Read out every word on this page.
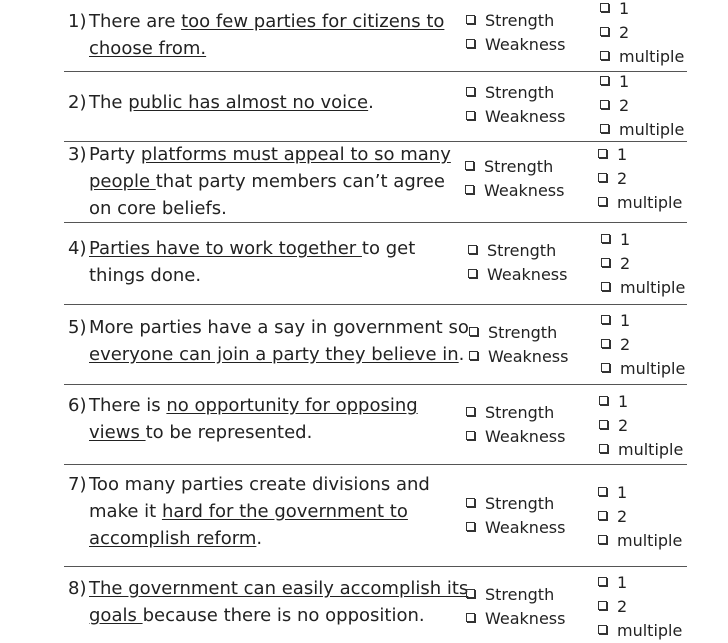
1) There are too few parties for citizens to
choose from.
Strength
Weakness
1
2
multiple
2) The public has almost no voice.	Strength
Weakness
1
2
multiple
3) Party platforms must appeal to so many
people that party members can’t agree
on core beliefs.
Strength
Weakness
1
2
multiple
4) Parties have to work together to get
things done.
Strength
Weakness
1
2
multiple
5) More parties have a say in government so
everyone can join a party they believe in.
Strength
Weakness
1
2
multiple
6) There is no opportunity for opposing
views to be represented.
Strength
Weakness
1
2
multiple
7) Too many parties create divisions and
make it hard for the government to
accomplish reform.
Strength
Weakness
1
2
multiple
8) The government can easily accomplish its
goals because there is no opposition.
Strength
Weakness
1
2
multiple
